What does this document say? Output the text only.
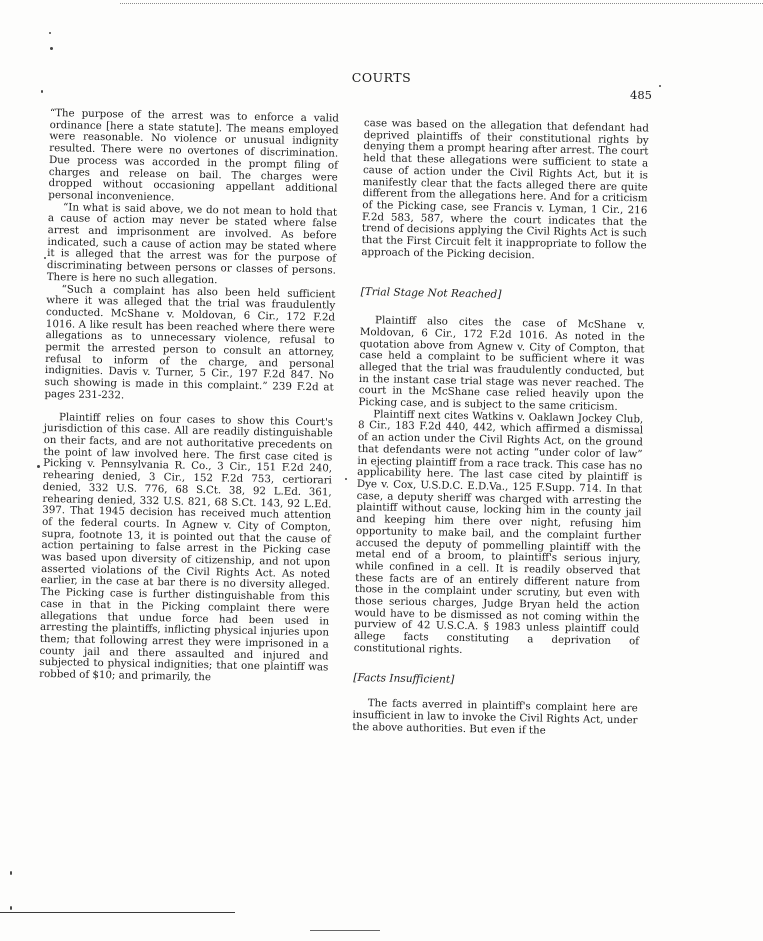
COURTS
485

“The purpose of the arrest was to enforce a valid ordinance [here a state statute]. The means employed were reasonable. No violence or unusual indignity resulted. There were no overtones of discrimination. Due process was accorded in the prompt filing of charges and release on bail. The charges were dropped without occasioning appellant additional personal inconvenience.

“In what is said above, we do not mean to hold that a cause of action may never be stated where false arrest and imprisonment are involved. As before indicated, such a cause of action may be stated where it is alleged that the arrest was for the purpose of discriminating between persons or classes of persons. There is here no such allegation.

“Such a complaint has also been held sufficient where it was alleged that the trial was fraudulently conducted. McShane v. Moldovan, 6 Cir., 172 F.2d 1016. A like result has been reached where there were allegations as to unnecessary violence, refusal to permit the arrested person to consult an attorney, refusal to inform of the charge, and personal indignities. Davis v. Turner, 5 Cir., 197 F.2d 847. No such showing is made in this complaint.” 239 F.2d at pages 231-232.

Plaintiff relies on four cases to show this Court's jurisdiction of this case. All are readily distinguishable on their facts, and are not authoritative precedents on the point of law involved here. The first case cited is Picking v. Pennsylvania R. Co., 3 Cir., 151 F.2d 240, rehearing denied, 3 Cir., 152 F.2d 753, certiorari denied, 332 U.S. 776, 68 S.Ct. 38, 92 L.Ed. 361, rehearing denied, 332 U.S. 821, 68 S.Ct. 143, 92 L.Ed. 397. That 1945 decision has received much attention of the federal courts. In Agnew v. City of Compton, supra, footnote 13, it is pointed out that the cause of action pertaining to false arrest in the Picking case was based upon diversity of citizenship, and not upon asserted violations of the Civil Rights Act. As noted earlier, in the case at bar there is no diversity alleged. The Picking case is further distinguishable from this case in that in the Picking complaint there were allegations that undue force had been used in arresting the plaintiffs, inflicting physical injuries upon them; that following arrest they were imprisoned in a county jail and there assaulted and injured and subjected to physical indignities; that one plaintiff was robbed of $10; and primarily, the

case was based on the allegation that defendant had deprived plaintiffs of their constitutional rights by denying them a prompt hearing after arrest. The court held that these allegations were sufficient to state a cause of action under the Civil Rights Act, but it is manifestly clear that the facts alleged there are quite different from the allegations here. And for a criticism of the Picking case, see Francis v. Lyman, 1 Cir., 216 F.2d 583, 587, where the court indicates that the trend of decisions applying the Civil Rights Act is such that the First Circuit felt it inappropriate to follow the approach of the Picking decision.

[Trial Stage Not Reached]

Plaintiff also cites the case of McShane v. Moldovan, 6 Cir., 172 F.2d 1016. As noted in the quotation above from Agnew v. City of Compton, that case held a complaint to be sufficient where it was alleged that the trial was fraudulently conducted, but in the instant case trial stage was never reached. The court in the McShane case relied heavily upon the Picking case, and is subject to the same criticism.

Plaintiff next cites Watkins v. Oaklawn Jockey Club, 8 Cir., 183 F.2d 440, 442, which affirmed a dismissal of an action under the Civil Rights Act, on the ground that defendants were not acting “under color of law” in ejecting plaintiff from a race track. This case has no applicability here. The last case cited by plaintiff is Dye v. Cox, U.S.D.C. E.D.Va., 125 F.Supp. 714. In that case, a deputy sheriff was charged with arresting the plaintiff without cause, locking him in the county jail and keeping him there over night, refusing him opportunity to make bail, and the complaint further accused the deputy of pommelling plaintiff with the metal end of a broom, to plaintiff's serious injury, while confined in a cell. It is readily observed that these facts are of an entirely different nature from those in the complaint under scrutiny, but even with those serious charges, Judge Bryan held the action would have to be dismissed as not coming within the purview of 42 U.S.C.A. § 1983 unless plaintiff could allege facts constituting a deprivation of constitutional rights.

[Facts Insufficient]

The facts averred in plaintiff's complaint here are insufficient in law to invoke the Civil Rights Act, under the above authorities. But even if the
